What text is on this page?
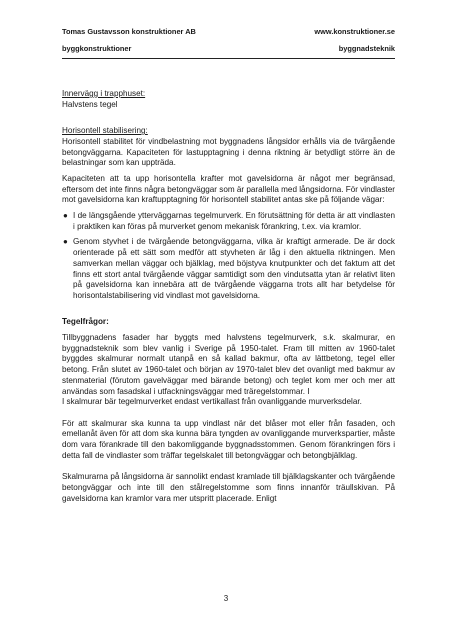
Tomas Gustavsson konstruktioner AB	www.konstruktioner.se
byggkonstruktioner	byggnadsteknik

Innervägg i trapphuset:

Halvstens tegel

Horisontell stabilisering:

Horisontell stabilitet för vindbelastning mot byggnadens långsidor erhålls via de tvärgående betongväggarna. Kapaciteten för lastupptagning i denna riktning är betydligt större än de belastningar som kan uppträda.

Kapaciteten att ta upp horisontella krafter mot gavelsidorna är något mer begränsad, eftersom det inte finns några betongväggar som är parallella med långsidorna. För vindlaster mot gavelsidorna kan kraftupptagning för horisontell stabilitet antas ske på följande vägar:

● I de längsgående ytterväggarnas tegelmurverk. En förutsättning för detta är att vindlasten i praktiken kan föras på murverket genom mekanisk förankring, t.ex. via kramlor.
● Genom styvhet i de tvärgående betongväggarna, vilka är kraftigt armerade. De är dock orienterade på ett sätt som medför att styvheten är låg i den aktuella riktningen. Men samverkan mellan väggar och bjälklag, med böjstyva knutpunkter och det faktum att det finns ett stort antal tvärgående väggar samtidigt som den vindutsatta ytan är relativt liten på gavelsidorna kan innebära att de tvärgående väggarna trots allt har betydelse för horisontalstabilisering vid vindlast mot gavelsidorna.

Tegelfrågor:

Tillbyggnadens fasader har byggts med halvstens tegelmurverk, s.k. skalmurar, en byggnadsteknik som blev vanlig i Sverige på 1950-talet. Fram till mitten av 1960-talet byggdes skalmurar normalt utanpå en så kallad bakmur, ofta av lättbetong, tegel eller betong. Från slutet av 1960-talet och början av 1970-talet blev det ovanligt med bakmur av stenmaterial (förutom gavelväggar med bärande betong) och teglet kom mer och mer att användas som fasadskal i utfackningsväggar med träregelstommar. I

I skalmurar bär tegelmurverket endast vertikallast från ovanliggande murverksdelar.

För att skalmurar ska kunna ta upp vindlast när det blåser mot eller från fasaden, och emellanåt även för att dom ska kunna bära tyngden av ovanliggande murverkspartier, måste dom vara förankrade till den bakomliggande byggnadsstommen. Genom förankringen förs i detta fall de vindlaster som träffar tegelskalet till betongväggar och betongbjälklag.

Skalmurarna på långsidorna är sannolikt endast kramlade till bjälklagskanter och tvärgående betongväggar och inte till den stålregelstomme som finns innanför träullskivan. På gavelsidorna kan kramlor vara mer utspritt placerade. Enligt

3
